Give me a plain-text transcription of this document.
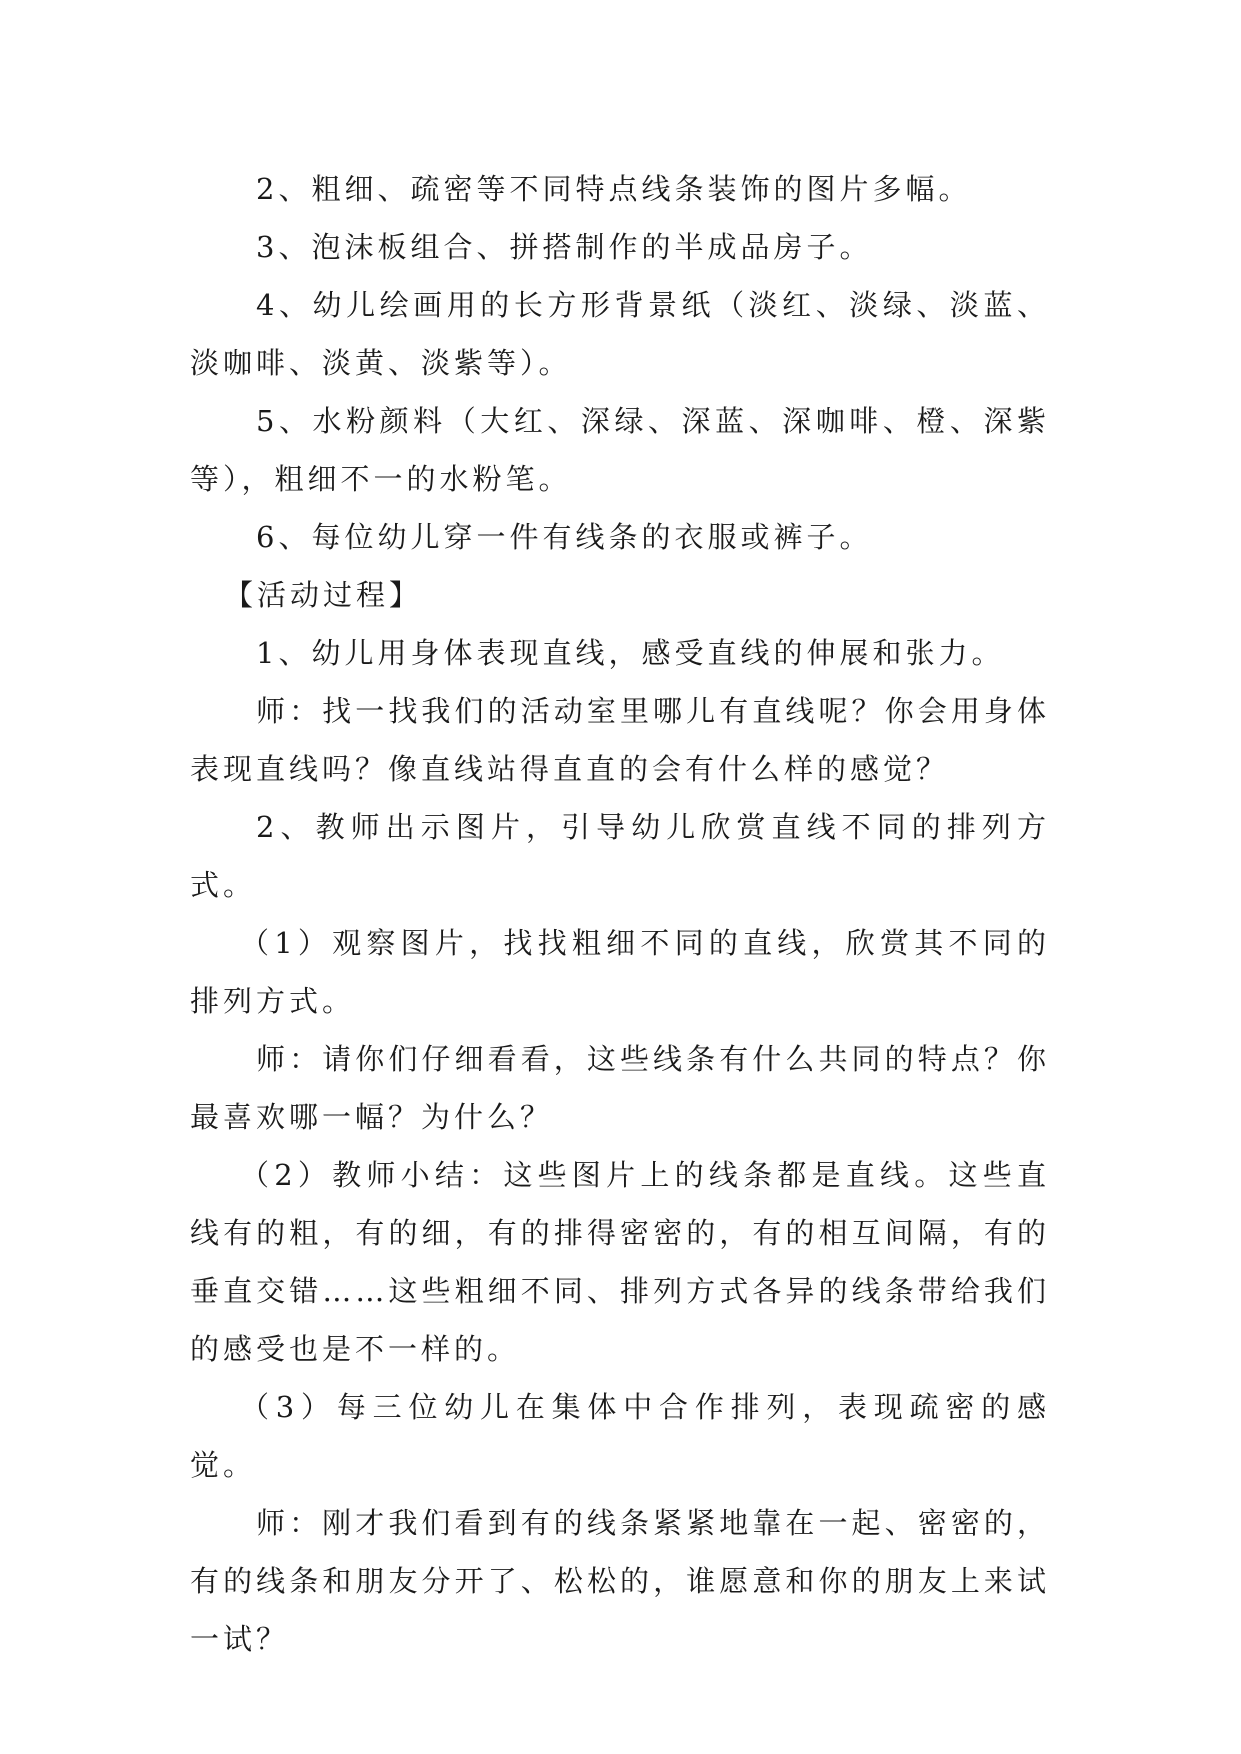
2、粗细、疏密等不同特点线条装饰的图片多幅。

3、泡沫板组合、拼搭制作的半成品房子。

4、幼儿绘画用的长方形背景纸（淡红、淡绿、淡蓝、淡咖啡、淡黄、淡紫等）。

5、水粉颜料（大红、深绿、深蓝、深咖啡、橙、深紫等），粗细不一的水粉笔。

6、每位幼儿穿一件有线条的衣服或裤子。

【活动过程】

1、幼儿用身体表现直线，感受直线的伸展和张力。

师：找一找我们的活动室里哪儿有直线呢？你会用身体表现直线吗？像直线站得直直的会有什么样的感觉？

2、教师出示图片，引导幼儿欣赏直线不同的排列方式。

（1）观察图片，找找粗细不同的直线，欣赏其不同的排列方式。

师：请你们仔细看看，这些线条有什么共同的特点？你最喜欢哪一幅？为什么？

（2）教师小结：这些图片上的线条都是直线。这些直线有的粗，有的细，有的排得密密的，有的相互间隔，有的垂直交错……这些粗细不同、排列方式各异的线条带给我们的感受也是不一样的。

（3）每三位幼儿在集体中合作排列，表现疏密的感觉。

师：刚才我们看到有的线条紧紧地靠在一起、密密的，有的线条和朋友分开了、松松的，谁愿意和你的朋友上来试一试？
